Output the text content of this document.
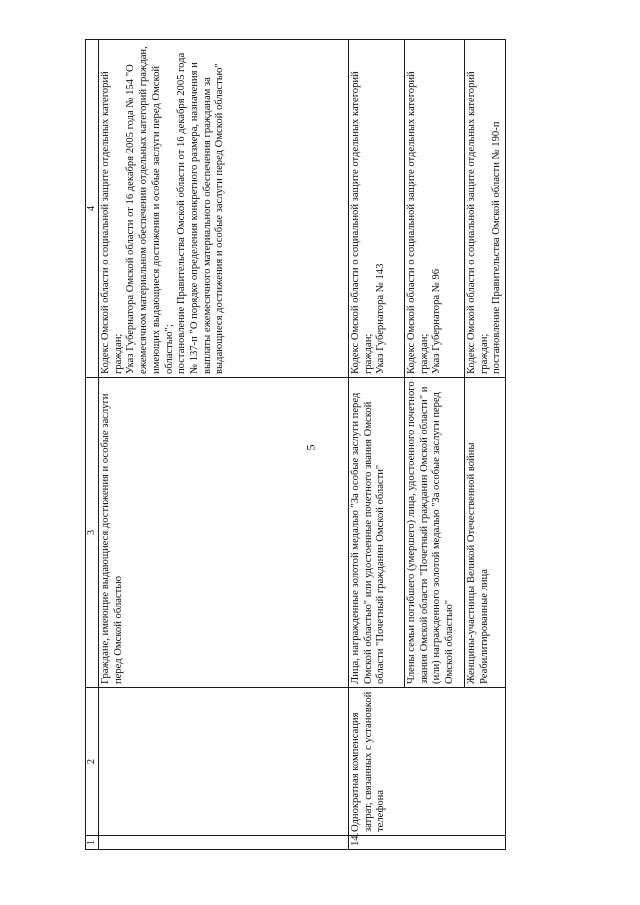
5
1	2	3	4
		Граждане, имеющие выдающиеся достижения и особые заслуги перед Омской областью	Кодекс Омской области о социальной защите отдельных категорий граждан;
Указ Губернатора Омской области от 16 декабря 2005 года № 154 "О ежемесячном материальном обеспечении отдельных категорий граждан, имеющих выдающиеся достижения и особые заслуги перед Омской областью";
постановление Правительства Омской области от 16 декабря 2005 года № 137-п "О порядке определения конкретного размера, назначения и выплаты ежемесячного материального обеспечения гражданам за выдающиеся достижения и особые заслуги перед Омской областью"
14.	Однократная компенсация затрат, связанных с установкой телефона	Лица, награжденные золотой медалью "За особые заслуги перед Омской областью" или удостоенные почетного звания Омской области "Почетный гражданин Омской области"	Кодекс Омской области о социальной защите отдельных категорий граждан;
Указ Губернатора № 143
		Члены семьи погибшего (умершего) лица, удостоенного почетного звания Омской области "Почетный гражданин Омской области" и (или) награжденного золотой медалью "За особые заслуги перед Омской областью"	Кодекс Омской области о социальной защите отдельных категорий граждан;
Указ Губернатора № 96
		Женщины-участницы Великой Отечественной войны
Реабилитированные лица	Кодекс Омской области о социальной защите отдельных категорий граждан;
постановление Правительства Омской области № 190-п
